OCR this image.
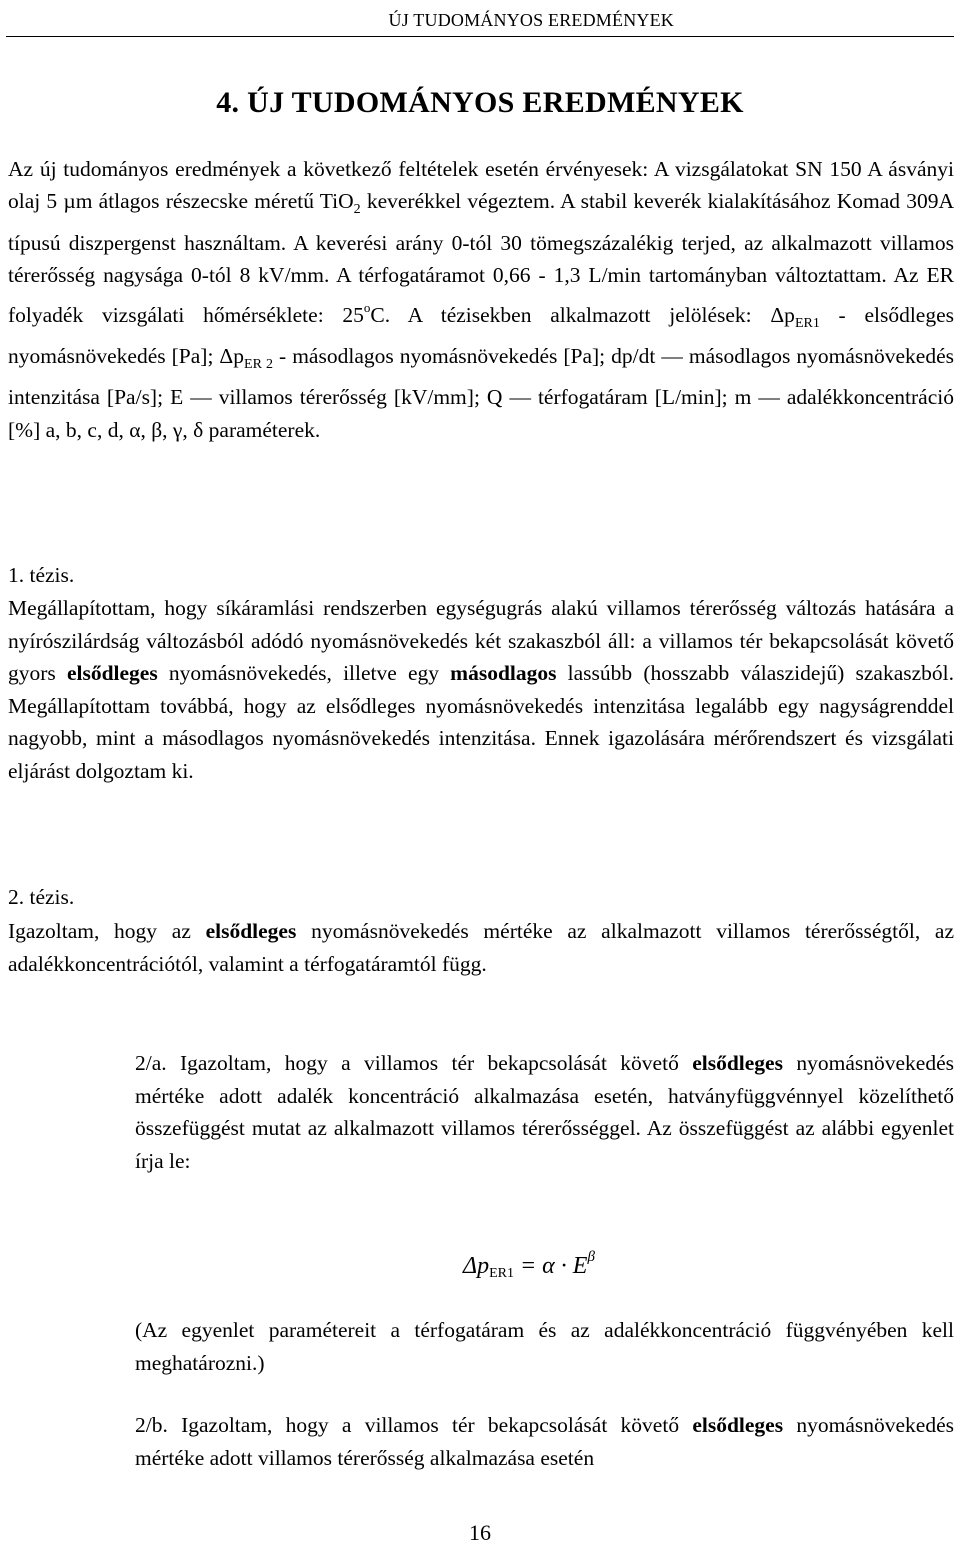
ÚJ TUDOMÁNYOS EREDMÉNYEK
4. ÚJ TUDOMÁNYOS EREDMÉNYEK

Az új tudományos eredmények a következő feltételek esetén érvényesek: A vizsgálatokat SN 150 A ásványi olaj 5 µm átlagos részecske méretű TiO$_2$ keverékkel végeztem. A stabil keverék kialakításához Komad 309A típusú diszpergenst használtam. A keverési arány 0-tól 30 tömegszázalékig terjed, az alkalmazott villamos térerősség nagysága 0-tól 8 kV/mm. A térfogatáramot 0,66 - 1,3 L/min tartományban változtattam. Az ER folyadék vizsgálati hőmérséklete: 25$^o$C. A tézisekben alkalmazott jelölések: $\Delta p_{ER1}$ - elsődleges nyomásnövekedés [Pa]; $\Delta p_{ER 2}$ - másodlagos nyomásnövekedés [Pa]; dp/dt — másodlagos nyomásnövekedés intenzitása [Pa/s]; E — villamos térerősség [kV/mm]; Q — térfogatáram [L/min]; m — adalékkoncentráció [%] a, b, c, d, α, β, γ, δ paraméterek.

1. tézis.

Megállapítottam, hogy síkáramlási rendszerben egységugrás alakú villamos térerősség változás hatására a nyírószilárdság változásból adódó nyomásnövekedés két szakaszból áll: a villamos tér bekapcsolását követő gyors elsődleges nyomásnövekedés, illetve egy másodlagos lassúbb (hosszabb válaszidejű) szakaszból. Megállapítottam továbbá, hogy az elsődleges nyomásnövekedés intenzitása legalább egy nagyságrenddel nagyobb, mint a másodlagos nyomásnövekedés intenzitása. Ennek igazolására mérőrendszert és vizsgálati eljárást dolgoztam ki.

2. tézis.

Igazoltam, hogy az elsődleges nyomásnövekedés mértéke az alkalmazott villamos térerősségtől, az adalékkoncentrációtól, valamint a térfogatáramtól függ.

2/a. Igazoltam, hogy a villamos tér bekapcsolását követő elsődleges nyomásnövekedés mértéke adott adalék koncentráció alkalmazása esetén, hatványfüggvénnyel közelíthető összefüggést mutat az alkalmazott villamos térerősséggel. Az összefüggést az alábbi egyenlet írja le:

$\Delta p_{ER1} = \alpha \cdot E^\beta$

(Az egyenlet paramétereit a térfogatáram és az adalékkoncentráció függvényében kell meghatározni.)

2/b. Igazoltam, hogy a villamos tér bekapcsolását követő elsődleges nyomásnövekedés mértéke adott villamos térerősség alkalmazása esetén

16
